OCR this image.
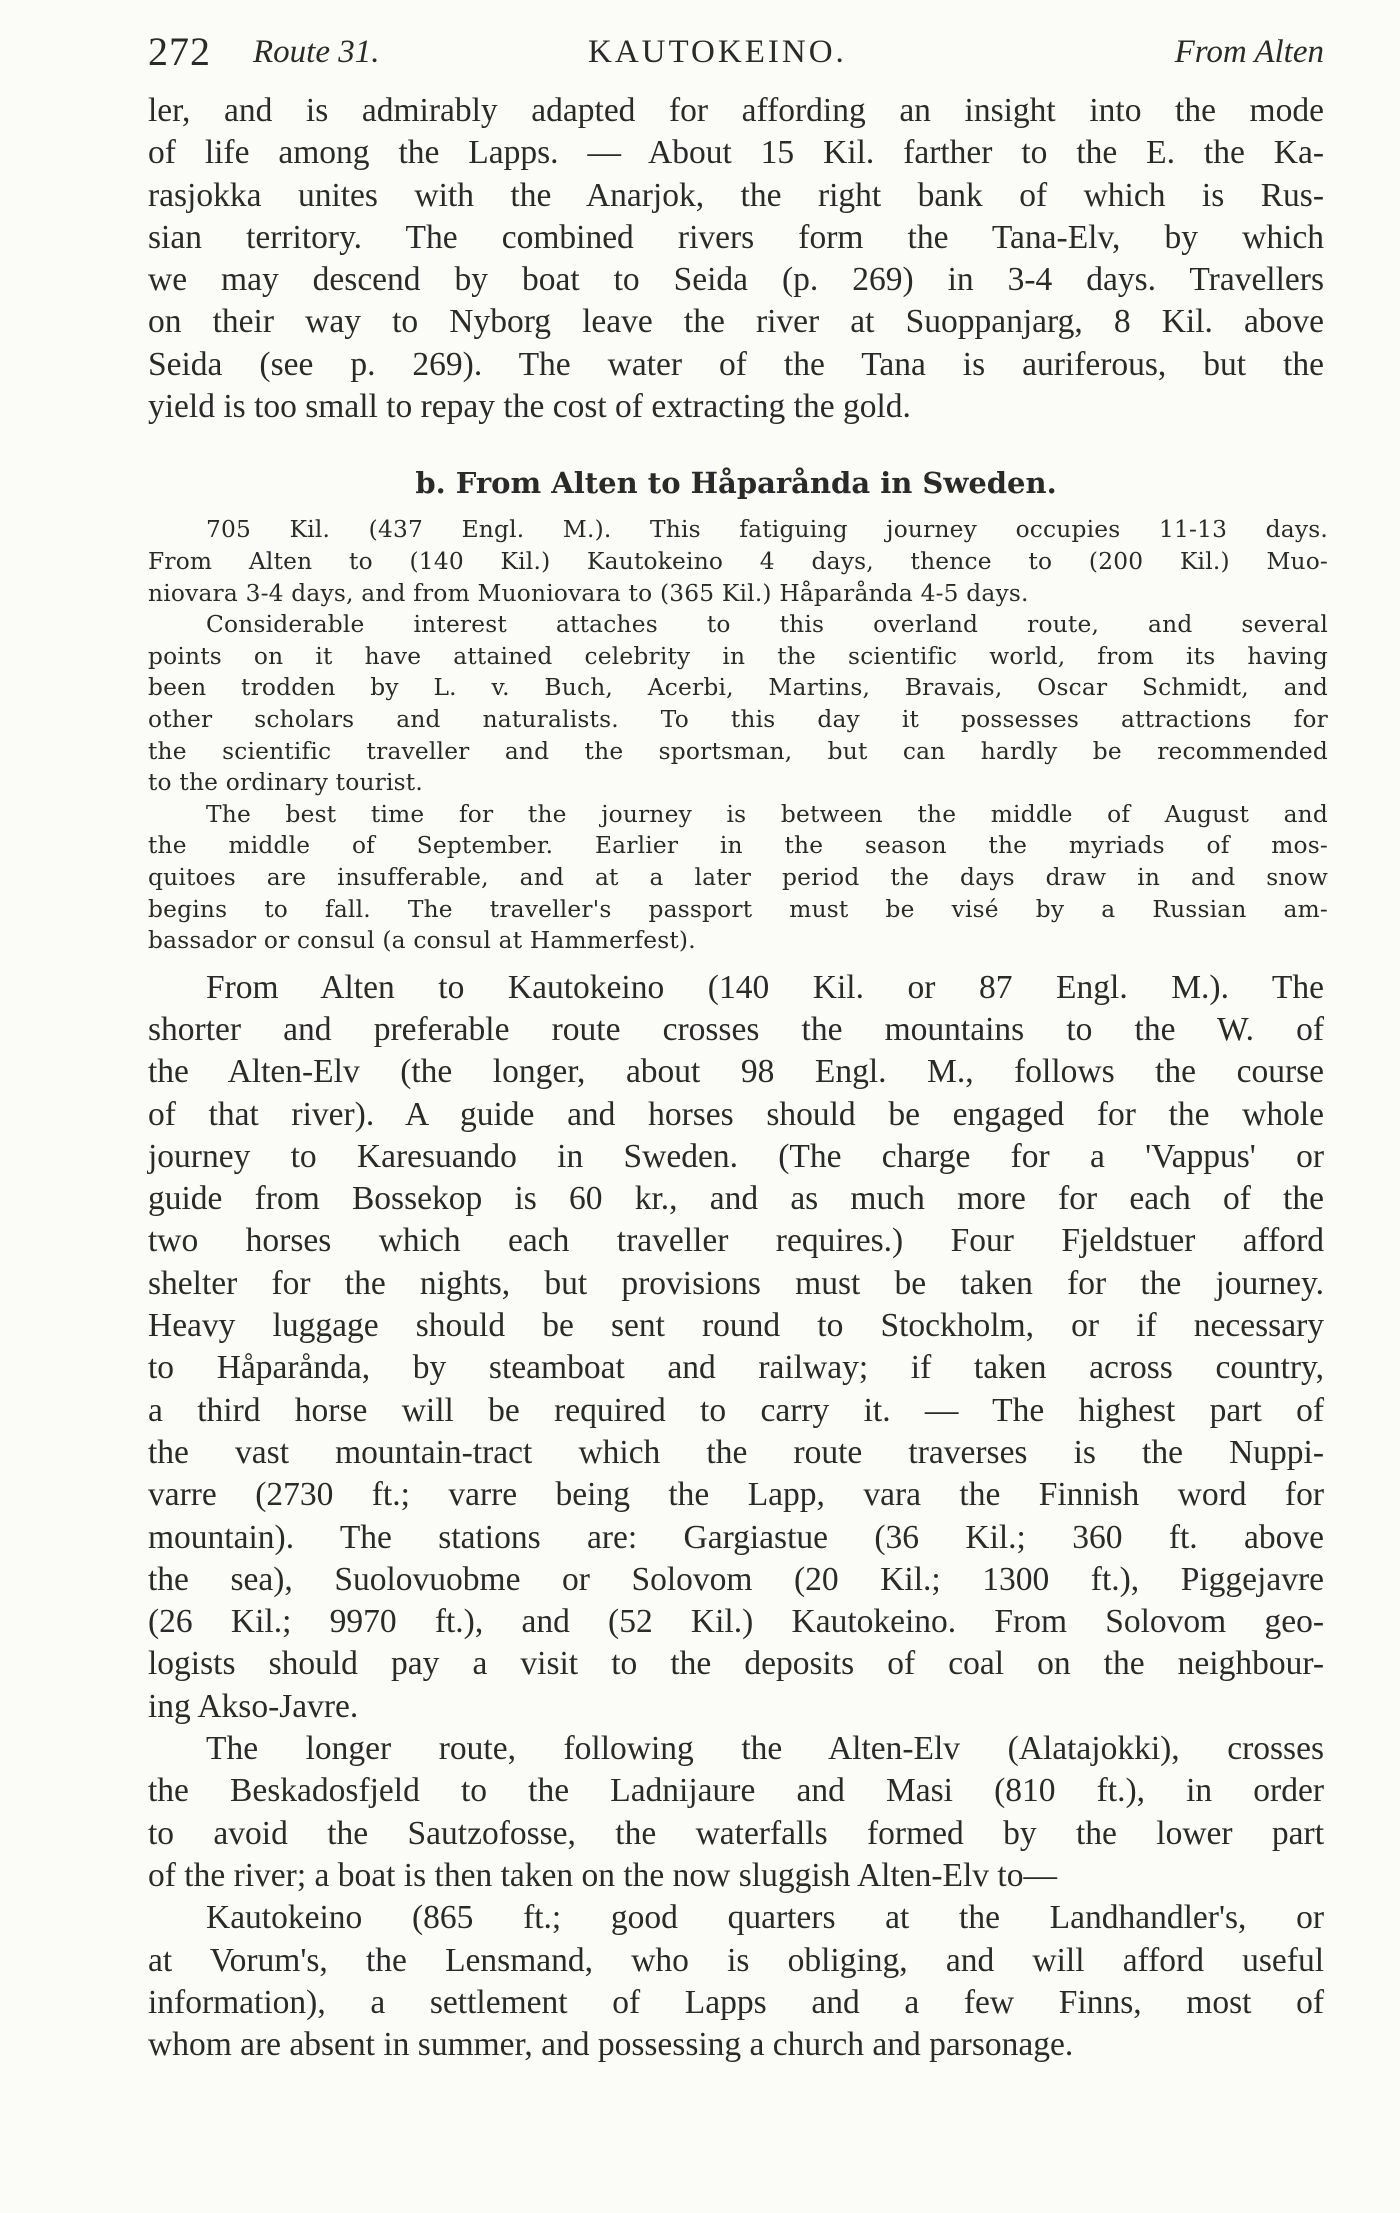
272 Route 31.	KAUTOKEINO.	From Alten
ler, and is admirably adapted for affording an insight into the mode
of life among the Lapps. — About 15 Kil. farther to the E. the Ka-
rasjokka unites with the Anarjok, the right bank of which is Rus-
sian territory. The combined rivers form the Tana-Elv, by which
we may descend by boat to Seida (p. 269) in 3-4 days. Travellers
on their way to Nyborg leave the river at Suoppanjarg, 8 Kil. above
Seida (see p. 269). The water of the Tana is auriferous, but the
yield is too small to repay the cost of extracting the gold.
b. From Alten to Håparånda in Sweden.
705 Kil. (437 Engl. M.). This fatiguing journey occupies 11-13 days.
From Alten to (140 Kil.) Kautokeino 4 days, thence to (200 Kil.) Muo-
niovara 3-4 days, and from Muoniovara to (365 Kil.) Håparånda 4-5 days.
Considerable interest attaches to this overland route, and several
points on it have attained celebrity in the scientific world, from its having
been trodden by L. v. Buch, Acerbi, Martins, Bravais, Oscar Schmidt, and
other scholars and naturalists. To this day it possesses attractions for
the scientific traveller and the sportsman, but can hardly be recommended
to the ordinary tourist.
The best time for the journey is between the middle of August and
the middle of September. Earlier in the season the myriads of mos-
quitoes are insufferable, and at a later period the days draw in and snow
begins to fall. The traveller's passport must be visé by a Russian am-
bassador or consul (a consul at Hammerfest).
From Alten to Kautokeino (140 Kil. or 87 Engl. M.). The
shorter and preferable route crosses the mountains to the W. of
the Alten-Elv (the longer, about 98 Engl. M., follows the course
of that river). A guide and horses should be engaged for the whole
journey to Karesuando in Sweden. (The charge for a 'Vappus' or
guide from Bossekop is 60 kr., and as much more for each of the
two horses which each traveller requires.) Four Fjeldstuer afford
shelter for the nights, but provisions must be taken for the journey.
Heavy luggage should be sent round to Stockholm, or if necessary
to Håparånda, by steamboat and railway; if taken across country,
a third horse will be required to carry it. — The highest part of
the vast mountain-tract which the route traverses is the Nuppi-
varre (2730 ft.; varre being the Lapp, vara the Finnish word for
mountain). The stations are: Gargiastue (36 Kil.; 360 ft. above
the sea), Suolovuobme or Solovom (20 Kil.; 1300 ft.), Piggejavre
(26 Kil.; 9970 ft.), and (52 Kil.) Kautokeino. From Solovom geo-
logists should pay a visit to the deposits of coal on the neighbour-
ing Akso-Javre.
The longer route, following the Alten-Elv (Alatajokki), crosses
the Beskadosfjeld to the Ladnijaure and Masi (810 ft.), in order
to avoid the Sautzofosse, the waterfalls formed by the lower part
of the river; a boat is then taken on the now sluggish Alten-Elv to—
Kautokeino (865 ft.; good quarters at the Landhandler's, or
at Vorum's, the Lensmand, who is obliging, and will afford useful
information), a settlement of Lapps and a few Finns, most of
whom are absent in summer, and possessing a church and parsonage.
